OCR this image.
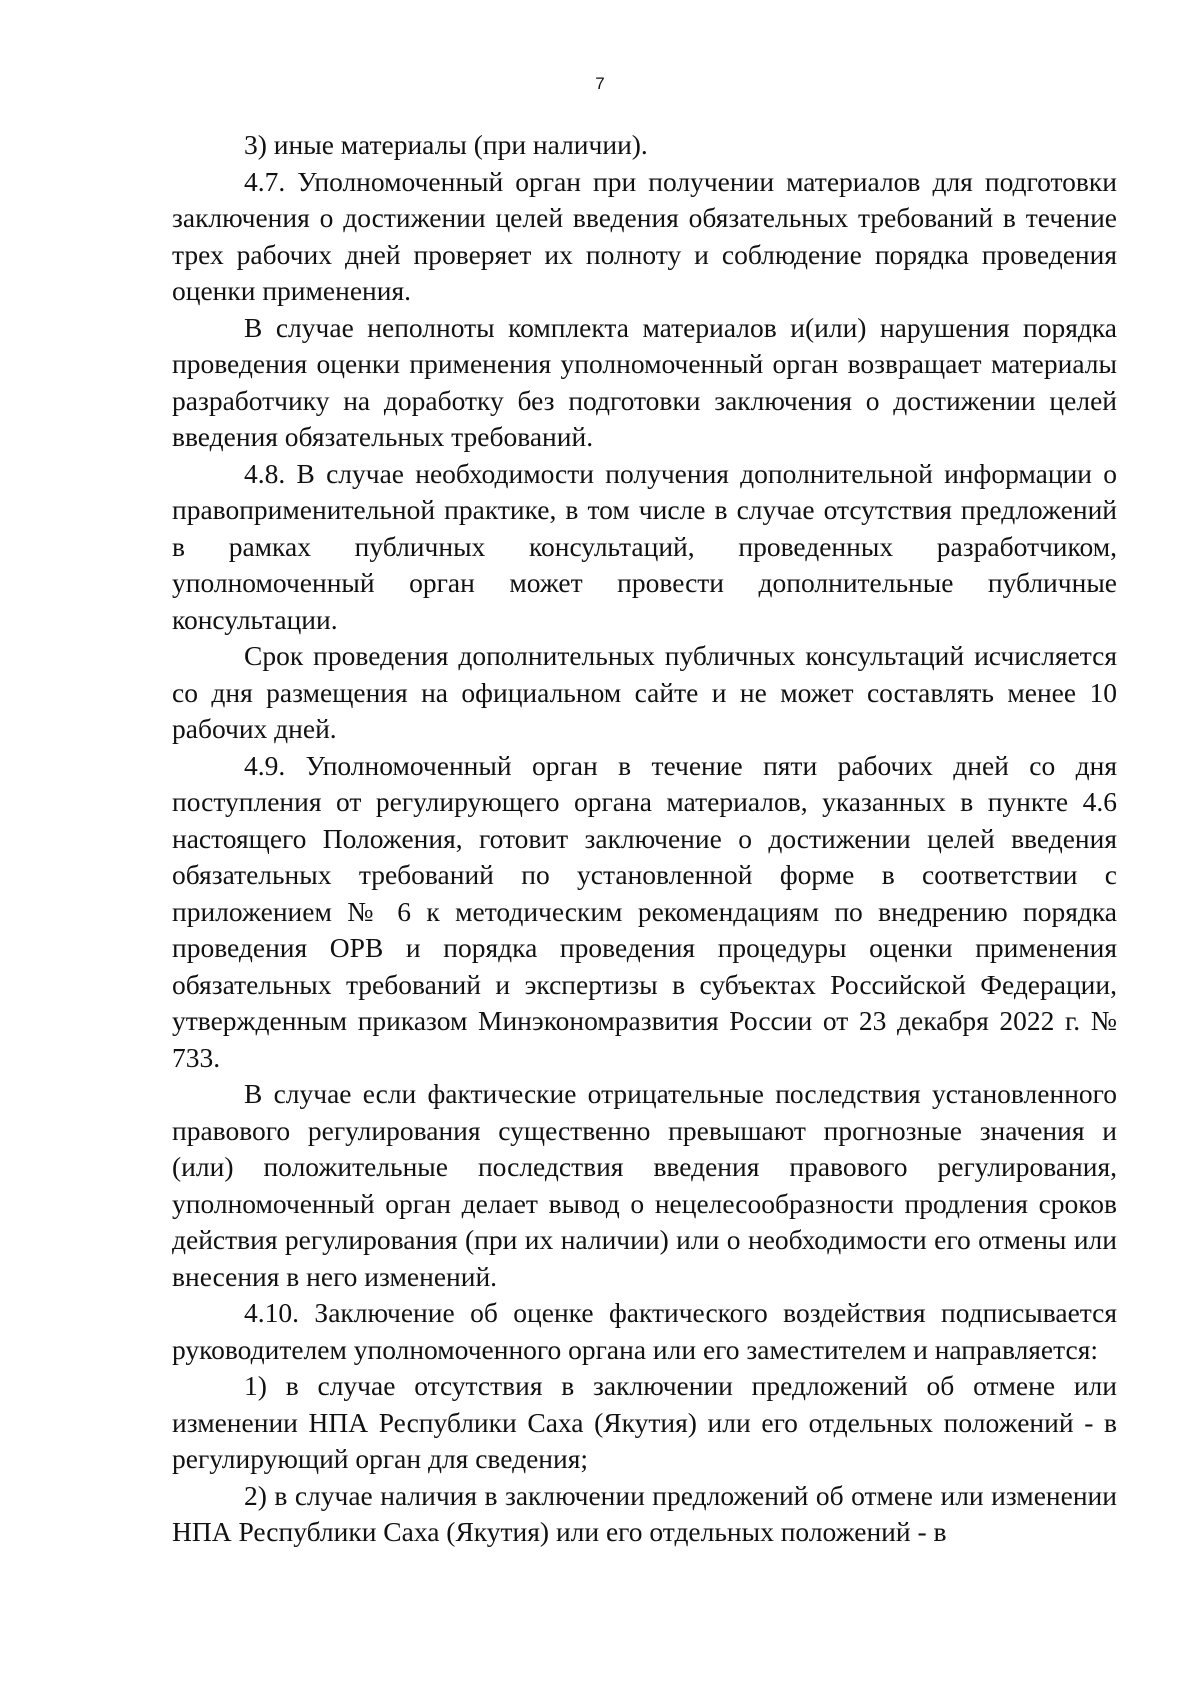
7

3) иные материалы (при наличии).

4.7. Уполномоченный орган при получении материалов для подготовки заключения о достижении целей введения обязательных требований в течение трех рабочих дней проверяет их полноту и соблюдение порядка проведения оценки применения.

В случае неполноты комплекта материалов и(или) нарушения порядка проведения оценки применения уполномоченный орган возвращает материалы разработчику на доработку без подготовки заключения о достижении целей введения обязательных требований.

4.8. В случае необходимости получения дополнительной информации о правоприменительной практике, в том числе в случае отсутствия предложений в рамках публичных консультаций, проведенных разработчиком, уполномоченный орган может провести дополнительные публичные консультации.

Срок проведения дополнительных публичных консультаций исчисляется со дня размещения на официальном сайте и не может составлять менее 10 рабочих дней.

4.9. Уполномоченный орган в течение пяти рабочих дней со дня поступления от регулирующего органа материалов, указанных в пункте 4.6 настоящего Положения, готовит заключение о достижении целей введения обязательных требований по установленной форме в соответствии с приложением № 6 к методическим рекомендациям по внедрению порядка проведения ОРВ и порядка проведения процедуры оценки применения обязательных требований и экспертизы в субъектах Российской Федерации, утвержденным приказом Минэкономразвития России от 23 декабря 2022 г. № 733.

В случае если фактические отрицательные последствия установленного правового регулирования существенно превышают прогнозные значения и (или) положительные последствия введения правового регулирования, уполномоченный орган делает вывод о нецелесообразности продления сроков действия регулирования (при их наличии) или о необходимости его отмены или внесения в него изменений.

4.10. Заключение об оценке фактического воздействия подписывается руководителем уполномоченного органа или его заместителем и направляется:

1) в случае отсутствия в заключении предложений об отмене или изменении НПА Республики Саха (Якутия) или его отдельных положений - в регулирующий орган для сведения;

2) в случае наличия в заключении предложений об отмене или изменении НПА Республики Саха (Якутия) или его отдельных положений - в
